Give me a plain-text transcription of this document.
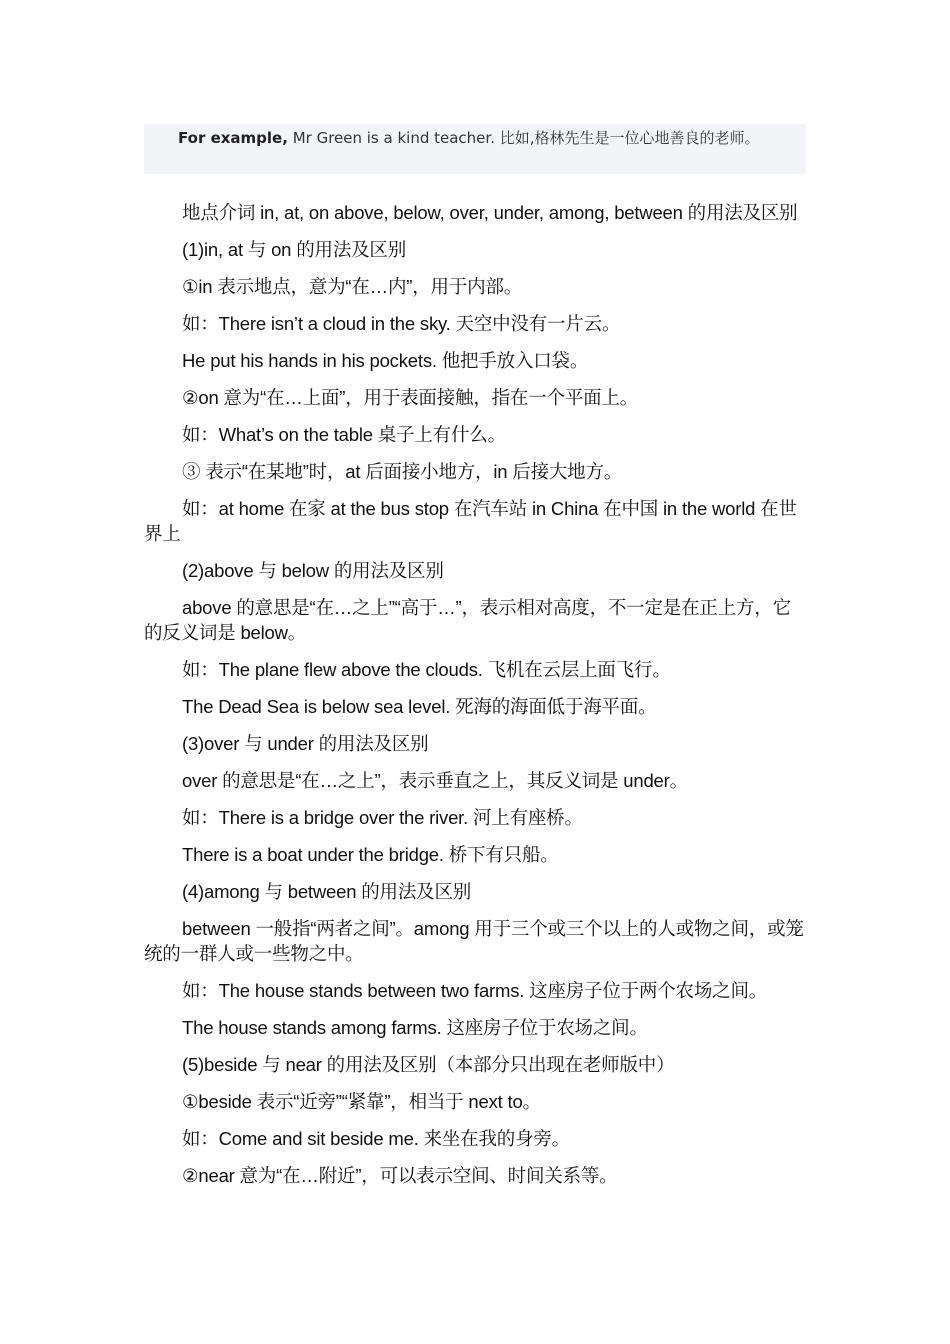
For example, Mr Green is a kind teacher. 比如,格林先生是一位心地善良的老师。

地点介词 in, at, on above, below, over, under, among, between 的用法及区别

(1)in, at 与 on 的用法及区别

①in 表示地点，意为“在…内”，用于内部。

如：There isn’t a cloud in the sky. 天空中没有一片云。

He put his hands in his pockets. 他把手放入口袋。

②on 意为“在…上面”，用于表面接触，指在一个平面上。

如：What’s on the table 桌子上有什么。

③ 表示“在某地”时，at 后面接小地方，in 后接大地方。

如：at home 在家 at the bus stop 在汽车站 in China 在中国 in the world 在世界上

(2)above 与 below 的用法及区别

above 的意思是“在…之上”“高于…”，表示相对高度，不一定是在正上方，它的反义词是 below。

如：The plane flew above the clouds. 飞机在云层上面飞行。

The Dead Sea is below sea level. 死海的海面低于海平面。

(3)over 与 under 的用法及区别

over 的意思是“在…之上”，表示垂直之上，其反义词是 under。

如：There is a bridge over the river. 河上有座桥。

There is a boat under the bridge. 桥下有只船。

(4)among 与 between 的用法及区别

between 一般指“两者之间”。among 用于三个或三个以上的人或物之间，或笼统的一群人或一些物之中。

如：The house stands between two farms. 这座房子位于两个农场之间。

The house stands among farms. 这座房子位于农场之间。

(5)beside 与 near 的用法及区别（本部分只出现在老师版中）

①beside 表示“近旁”“紧靠”，相当于 next to。

如：Come and sit beside me. 来坐在我的身旁。

②near 意为“在…附近”，可以表示空间、时间关系等。
